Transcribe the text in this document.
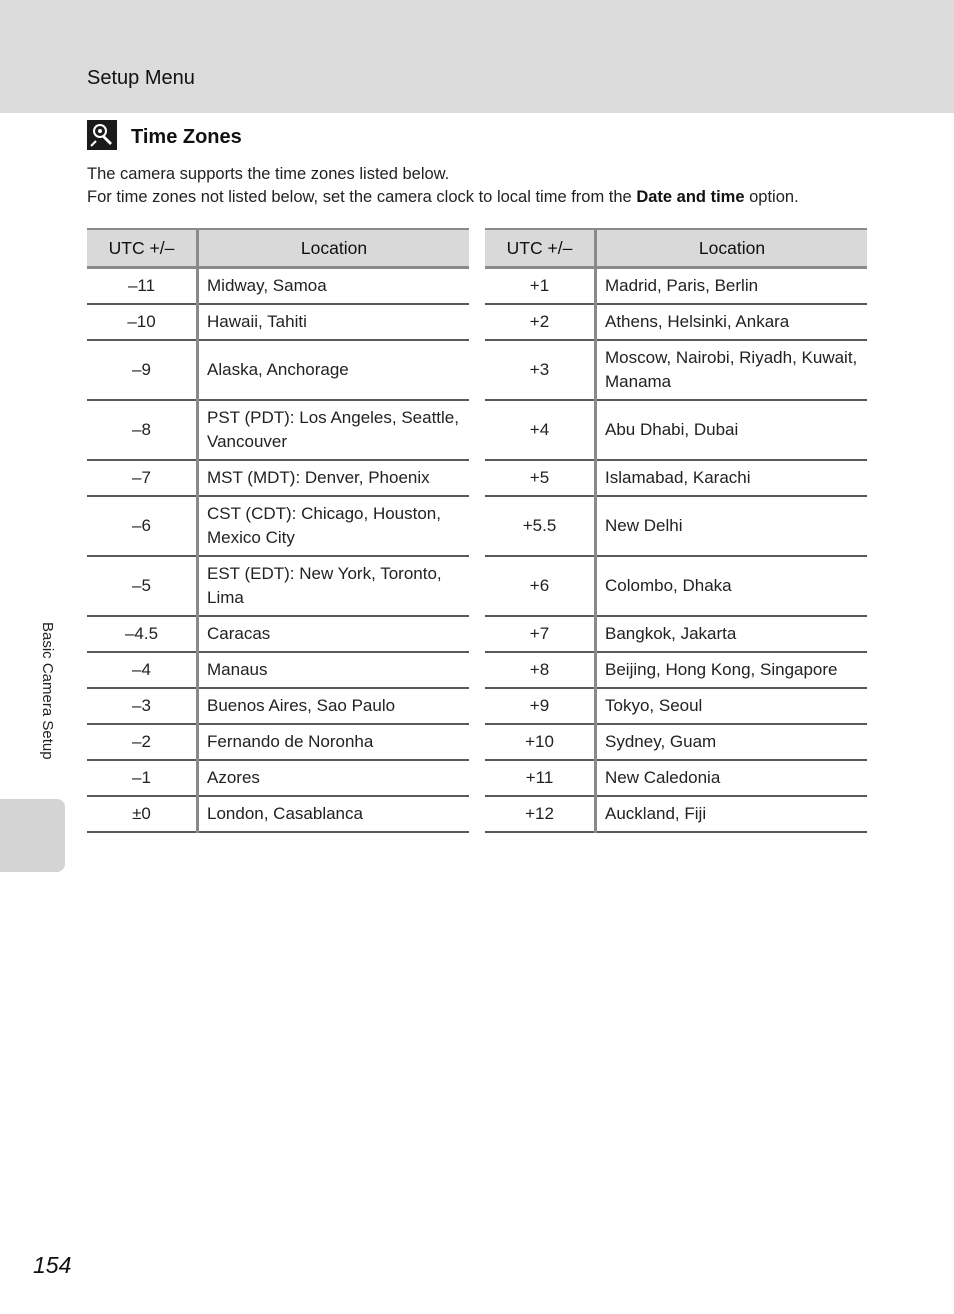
Setup Menu
Time Zones

The camera supports the time zones listed below.

For time zones not listed below, set the camera clock to local time from the Date and time option.

UTC +/–	Location
–11	Midway, Samoa
–10	Hawaii, Tahiti
–9	Alaska, Anchorage
–8	PST (PDT): Los Angeles, Seattle, Vancouver
–7	MST (MDT): Denver, Phoenix
–6	CST (CDT): Chicago, Houston, Mexico City
–5	EST (EDT): New York, Toronto, Lima
–4.5	Caracas
–4	Manaus
–3	Buenos Aires, Sao Paulo
–2	Fernando de Noronha
–1	Azores
±0	London, Casablanca
UTC +/–	Location
+1	Madrid, Paris, Berlin
+2	Athens, Helsinki, Ankara
+3	Moscow, Nairobi, Riyadh, Kuwait, Manama
+4	Abu Dhabi, Dubai
+5	Islamabad, Karachi
+5.5	New Delhi
+6	Colombo, Dhaka
+7	Bangkok, Jakarta
+8	Beijing, Hong Kong, Singapore
+9	Tokyo, Seoul
+10	Sydney, Guam
+11	New Caledonia
+12	Auckland, Fiji
Basic Camera Setup
154
